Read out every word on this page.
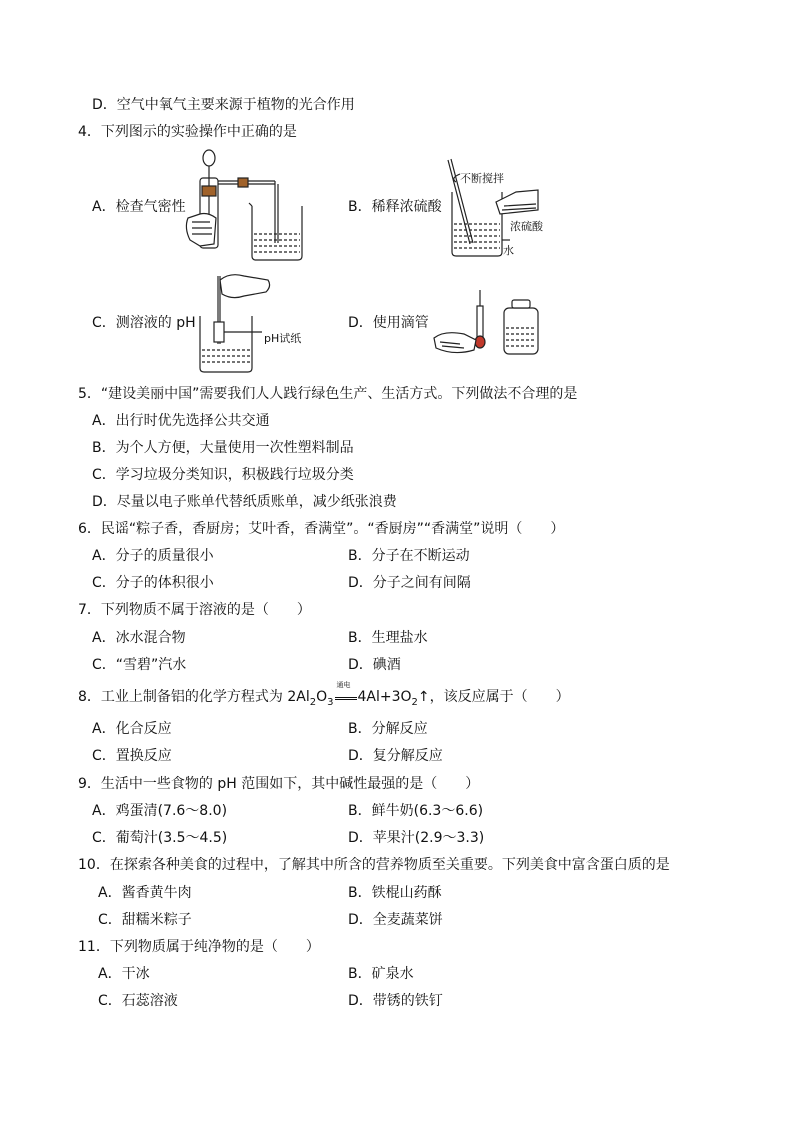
D．空气中氧气主要来源于植物的光合作用
4．下列图示的实验操作中正确的是
A．检查气密性	B．稀释浓硫酸
不断搅拌
浓硫酸
水
C．测溶液的 pH
pH试纸
D．使用滴管
5．“建设美丽中国”需要我们人人践行绿色生产、生活方式。下列做法不合理的是
A．出行时优先选择公共交通
B．为个人方便，大量使用一次性塑料制品
C．学习垃圾分类知识，积极践行垃圾分类
D．尽量以电子账单代替纸质账单，减少纸张浪费
6．民谣“粽子香，香厨房；艾叶香，香满堂”。“香厨房”“香满堂”说明（　　）
A．分子的质量很小	B．分子在不断运动
C．分子的体积很小	D．分子之间有间隔
7．下列物质不属于溶液的是（　　）
A．冰水混合物	B．生理盐水
C．“雪碧”汽水	D．碘酒
8．工业上制备铝的化学方程式为 $2Al_2O_3$
通电
$4Al+3O_2↑$，该反应属于（　　）
A．化合反应	B．分解反应
C．置换反应	D．复分解反应
9．生活中一些食物的 pH 范围如下，其中碱性最强的是（　　）
A．鸡蛋清(7.6～8.0)	B．鲜牛奶(6.3～6.6)
C．葡萄汁(3.5～4.5)	D．苹果汁(2.9～3.3)
10．在探索各种美食的过程中，了解其中所含的营养物质至关重要。下列美食中富含蛋白质的是
A．酱香黄牛肉	B．铁棍山药酥
C．甜糯米粽子	D．全麦蔬菜饼
11．下列物质属于纯净物的是（　　）
A．干冰	B．矿泉水
C．石蕊溶液	D．带锈的铁钉
